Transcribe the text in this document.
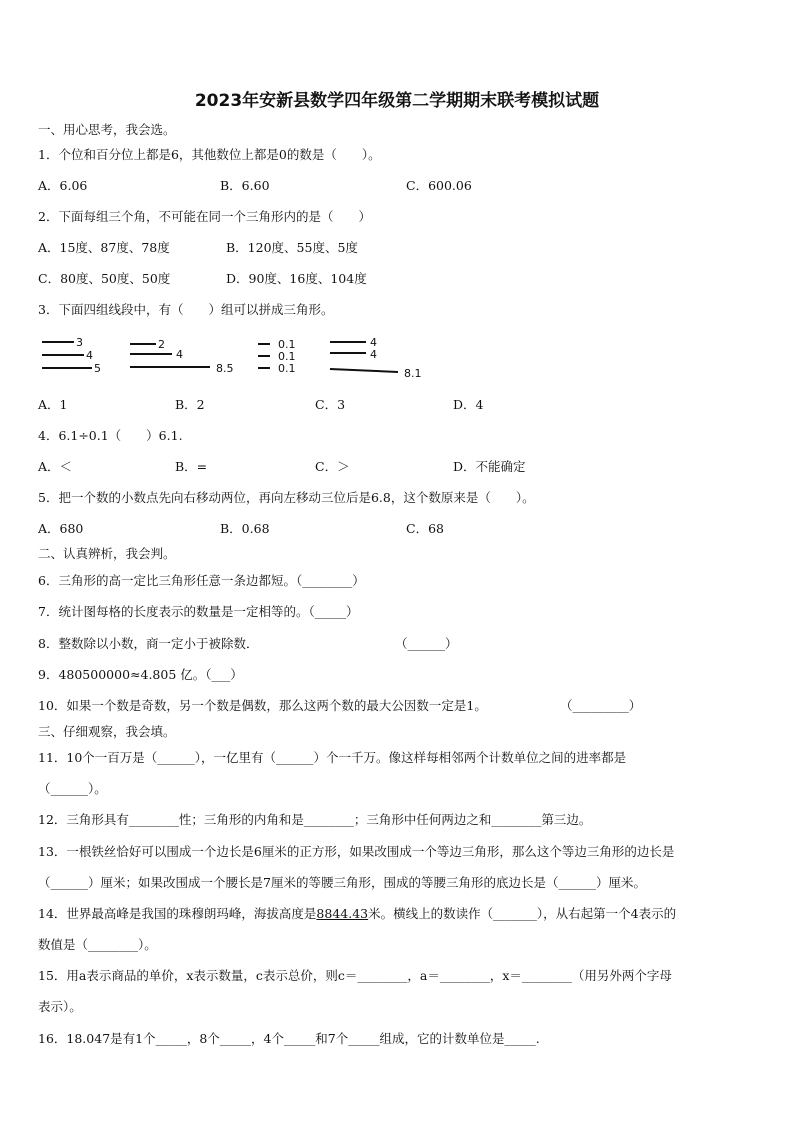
2023年安新县数学四年级第二学期期末联考模拟试题
一、用心思考，我会选。
1．个位和百分位上都是6，其他数位上都是0的数是（　　）。
A．6.06	B．6.60	C．600.06
2．下面每组三个角，不可能在同一个三角形内的是（　　）
A．15度、87度、78度	B．120度、55度、5度
C．80度、50度、50度	D．90度、16度、104度
3．下面四组线段中，有（　　）组可以拼成三角形。
3
4
5
2
4
8.5
0.1
0.1
0.1
4
4
8.1
A．1	B．2	C．3	D．4
4．6.1÷0.1（　　）6.1.
A．＜	B．=	C．＞	D．不能确定
5．把一个数的小数点先向右移动两位，再向左移动三位后是6.8，这个数原来是（　　）。
A．680	B．0.68	C．68
二、认真辨析，我会判。
6．三角形的高一定比三角形任意一条边都短。（________）
7．统计图每格的长度表示的数量是一定相等的。（_____）
8．整数除以小数，商一定小于被除数．	（______）
9．480500000≈4.805 亿。（___）
10．如果一个数是奇数，另一个数是偶数，那么这两个数的最大公因数一定是1。	（_________）
三、仔细观察，我会填。
11．10个一百万是（______），一亿里有（______）个一千万。像这样每相邻两个计数单位之间的进率都是
（______）。
12．三角形具有________性；三角形的内角和是________；三角形中任何两边之和________第三边。
13．一根铁丝恰好可以围成一个边长是6厘米的正方形，如果改围成一个等边三角形，那么这个等边三角形的边长是
（______）厘米；如果改围成一个腰长是7厘米的等腰三角形，围成的等腰三角形的底边长是（______）厘米。
14．世界最高峰是我国的珠穆朗玛峰，海拔高度是8844.43米。横线上的数读作（_______），从右起第一个4表示的
数值是（________）。
15．用a表示商品的单价，x表示数量，c表示总价，则c＝________，a＝________，x＝________（用另外两个字母
表示）。
16．18.047是有1个_____，8个_____，4个_____和7个_____组成，它的计数单位是_____.
